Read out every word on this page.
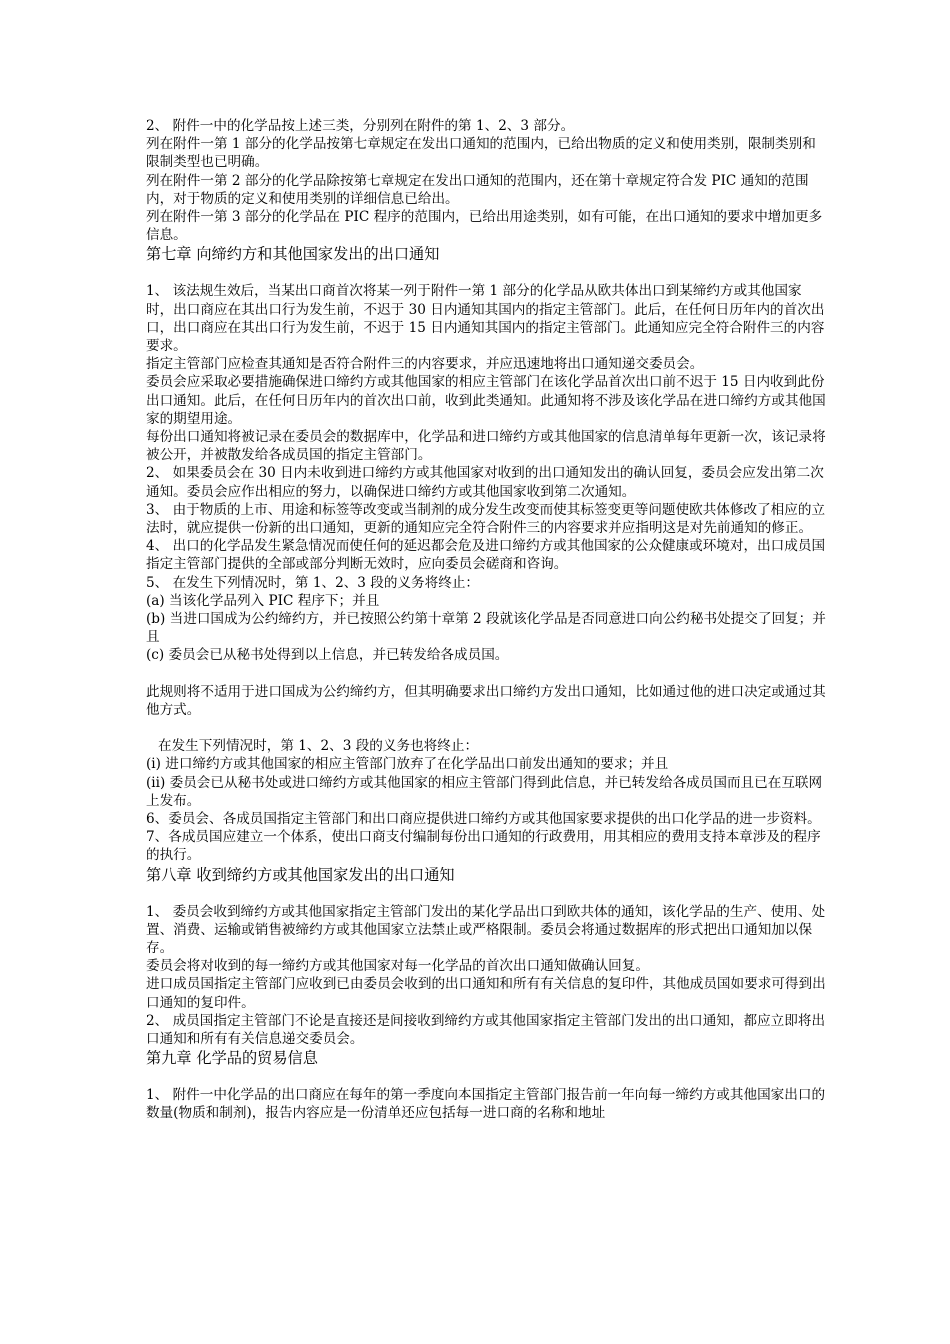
2、 附件一中的化学品按上述三类，分别列在附件的第 1、2、3 部分。

列在附件一第 1 部分的化学品按第七章规定在发出口通知的范围内，已给出物质的定义和使用类别，限制类别和限制类型也已明确。

列在附件一第 2 部分的化学品除按第七章规定在发出口通知的范围内，还在第十章规定符合发 PIC 通知的范围内，对于物质的定义和使用类别的详细信息已给出。

列在附件一第 3 部分的化学品在 PIC 程序的范围内，已给出用途类别，如有可能，在出口通知的要求中增加更多信息。

第七章 向缔约方和其他国家发出的出口通知

1、 该法规生效后，当某出口商首次将某一列于附件一第 1 部分的化学品从欧共体出口到某缔约方或其他国家时，出口商应在其出口行为发生前，不迟于 30 日内通知其国内的指定主管部门。此后，在任何日历年内的首次出口，出口商应在其出口行为发生前，不迟于 15 日内通知其国内的指定主管部门。此通知应完全符合附件三的内容要求。

指定主管部门应检查其通知是否符合附件三的内容要求，并应迅速地将出口通知递交委员会。

委员会应采取必要措施确保进口缔约方或其他国家的相应主管部门在该化学品首次出口前不迟于 15 日内收到此份出口通知。此后，在任何日历年内的首次出口前，收到此类通知。此通知将不涉及该化学品在进口缔约方或其他国家的期望用途。

每份出口通知将被记录在委员会的数据库中，化学品和进口缔约方或其他国家的信息清单每年更新一次，该记录将被公开，并被散发给各成员国的指定主管部门。

2、 如果委员会在 30 日内未收到进口缔约方或其他国家对收到的出口通知发出的确认回复，委员会应发出第二次通知。委员会应作出相应的努力，以确保进口缔约方或其他国家收到第二次通知。

3、 由于物质的上市、用途和标签等改变或当制剂的成分发生改变而使其标签变更等问题使欧共体修改了相应的立法时，就应提供一份新的出口通知，更新的通知应完全符合附件三的内容要求并应指明这是对先前通知的修正。

4、 出口的化学品发生紧急情况而使任何的延迟都会危及进口缔约方或其他国家的公众健康或环境对，出口成员国指定主管部门提供的全部或部分判断无效时，应向委员会磋商和咨询。

5、 在发生下列情况时，第 1、2、3 段的义务将终止：

(a) 当该化学品列入 PIC 程序下；并且

(b) 当进口国成为公约缔约方，并已按照公约第十章第 2 段就该化学品是否同意进口向公约秘书处提交了回复；并且

(c) 委员会已从秘书处得到以上信息，并已转发给各成员国。

此规则将不适用于进口国成为公约缔约方，但其明确要求出口缔约方发出口通知，比如通过他的进口决定或通过其他方式。

在发生下列情况时，第 1、2、3 段的义务也将终止：

(i) 进口缔约方或其他国家的相应主管部门放弃了在化学品出口前发出通知的要求；并且

(ii) 委员会已从秘书处或进口缔约方或其他国家的相应主管部门得到此信息，并已转发给各成员国而且已在互联网上发布。

6、委员会、各成员国指定主管部门和出口商应提供进口缔约方或其他国家要求提供的出口化学品的进一步资料。

7、各成员国应建立一个体系，使出口商支付编制每份出口通知的行政费用，用其相应的费用支持本章涉及的程序的执行。

第八章 收到缔约方或其他国家发出的出口通知

1、 委员会收到缔约方或其他国家指定主管部门发出的某化学品出口到欧共体的通知，该化学品的生产、使用、处置、消费、运输或销售被缔约方或其他国家立法禁止或严格限制。委员会将通过数据库的形式把出口通知加以保存。

委员会将对收到的每一缔约方或其他国家对每一化学品的首次出口通知做确认回复。

进口成员国指定主管部门应收到已由委员会收到的出口通知和所有有关信息的复印件，其他成员国如要求可得到出口通知的复印件。

2、 成员国指定主管部门不论是直接还是间接收到缔约方或其他国家指定主管部门发出的出口通知，都应立即将出口通知和所有有关信息递交委员会。

第九章 化学品的贸易信息

1、 附件一中化学品的出口商应在每年的第一季度向本国指定主管部门报告前一年向每一缔约方或其他国家出口的数量(物质和制剂)，报告内容应是一份清单还应包括每一进口商的名称和地址
